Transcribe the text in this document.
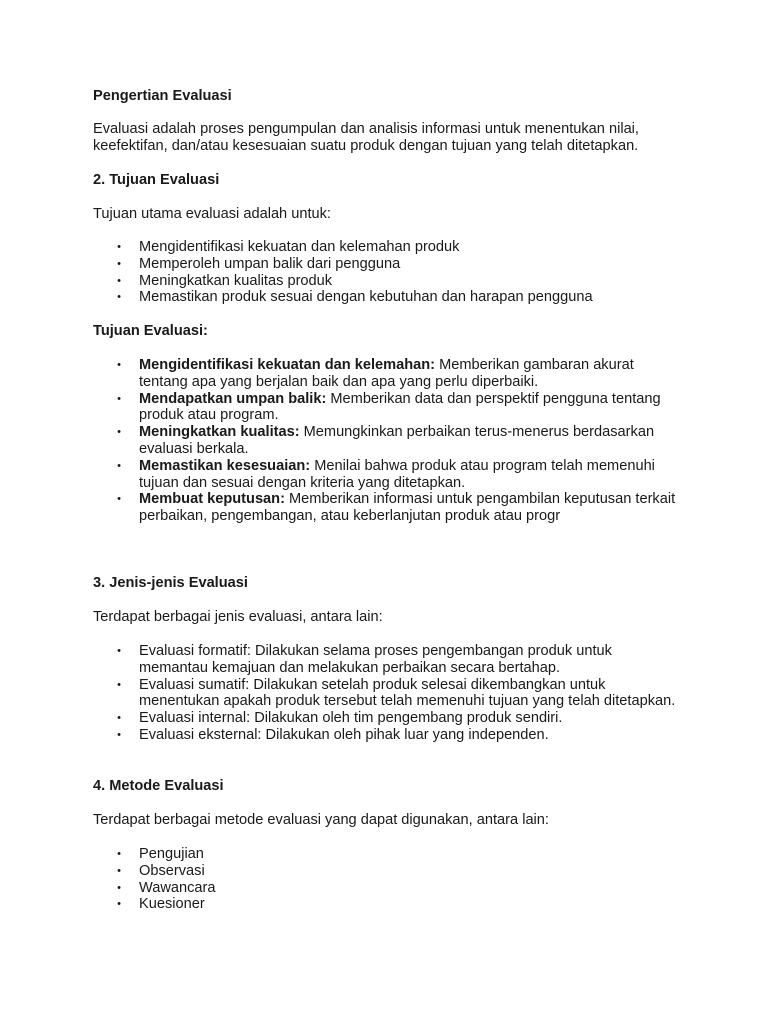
Pengertian Evaluasi

Evaluasi adalah proses pengumpulan dan analisis informasi untuk menentukan nilai, keefektifan, dan/atau kesesuaian suatu produk dengan tujuan yang telah ditetapkan.

2. Tujuan Evaluasi

Tujuan utama evaluasi adalah untuk:

• Mengidentifikasi kekuatan dan kelemahan produk
• Memperoleh umpan balik dari pengguna
• Meningkatkan kualitas produk
• Memastikan produk sesuai dengan kebutuhan dan harapan pengguna
Tujuan Evaluasi:
• Mengidentifikasi kekuatan dan kelemahan: Memberikan gambaran akurat tentang apa yang berjalan baik dan apa yang perlu diperbaiki.
• Mendapatkan umpan balik: Memberikan data dan perspektif pengguna tentang produk atau program.
• Meningkatkan kualitas: Memungkinkan perbaikan terus-menerus berdasarkan evaluasi berkala.
• Memastikan kesesuaian: Menilai bahwa produk atau program telah memenuhi tujuan dan sesuai dengan kriteria yang ditetapkan.
• Membuat keputusan: Memberikan informasi untuk pengambilan keputusan terkait perbaikan, pengembangan, atau keberlanjutan produk atau progr
3. Jenis-jenis Evaluasi

Terdapat berbagai jenis evaluasi, antara lain:

• Evaluasi formatif: Dilakukan selama proses pengembangan produk untuk memantau kemajuan dan melakukan perbaikan secara bertahap.
• Evaluasi sumatif: Dilakukan setelah produk selesai dikembangkan untuk menentukan apakah produk tersebut telah memenuhi tujuan yang telah ditetapkan.
• Evaluasi internal: Dilakukan oleh tim pengembang produk sendiri.
• Evaluasi eksternal: Dilakukan oleh pihak luar yang independen.
4. Metode Evaluasi

Terdapat berbagai metode evaluasi yang dapat digunakan, antara lain:

• Pengujian
• Observasi
• Wawancara
• Kuesioner
